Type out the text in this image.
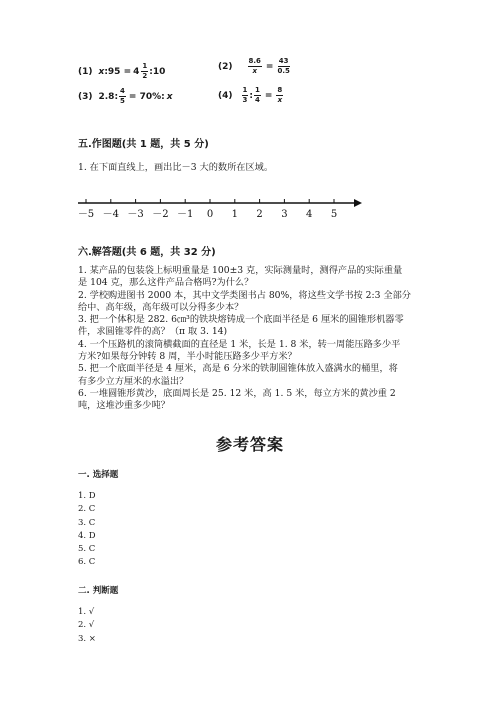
(1) x :95 = $4 \frac{1}{2}$ :10	$(2) \frac{8.6}{x} = \frac{43}{0.5}$
(3) 2.8: $\frac{4}{5} = 70\%$: x	$(4) \frac{1}{3}$ : $\frac{1}{4} = \frac{8}{x}$
五.作图题(共 1 题，共 5 分)
1. 在下面直线上，画出比－3 大的数所在区域。
－5 －4 －3 －2 －1 0 1 2 3 4 5
六.解答题(共 6 题，共 32 分)
1. 某产品的包装袋上标明重量是 100±3 克，实际测量时，测得产品的实际重量
是 104 克，那么这件产品合格吗?为什么？
2. 学校购进图书 2000 本，其中文学类图书占 80%，将这些文学书按 2:3 全部分
给中、高年级，高年级可以分得多少本？
3. 把一个体积是 282. 6㎝³的铁块熔铸成一个底面半径是 6 厘米的圆锥形机器零
件，求圆锥零件的高？（π 取 3. 14)
4. 一个压路机的滚筒横截面的直径是 1 米，长是 1. 8 米，转一周能压路多少平
方米?如果每分钟转 8 周，半小时能压路多少平方米？
5. 把一个底面半径是 4 厘米，高是 6 分米的铁制圆锥体放入盛满水的桶里，将
有多少立方厘米的水溢出？
6. 一堆圆锥形黄沙，底面周长是 25. 12 米，高 1. 5 米，每立方米的黄沙重 2
吨，这堆沙重多少吨？
参考答案
一. 选择题
1. D
2. C
3. C
4. D
5. C
6. C
二. 判断题
1. √
2. √
3. ×
